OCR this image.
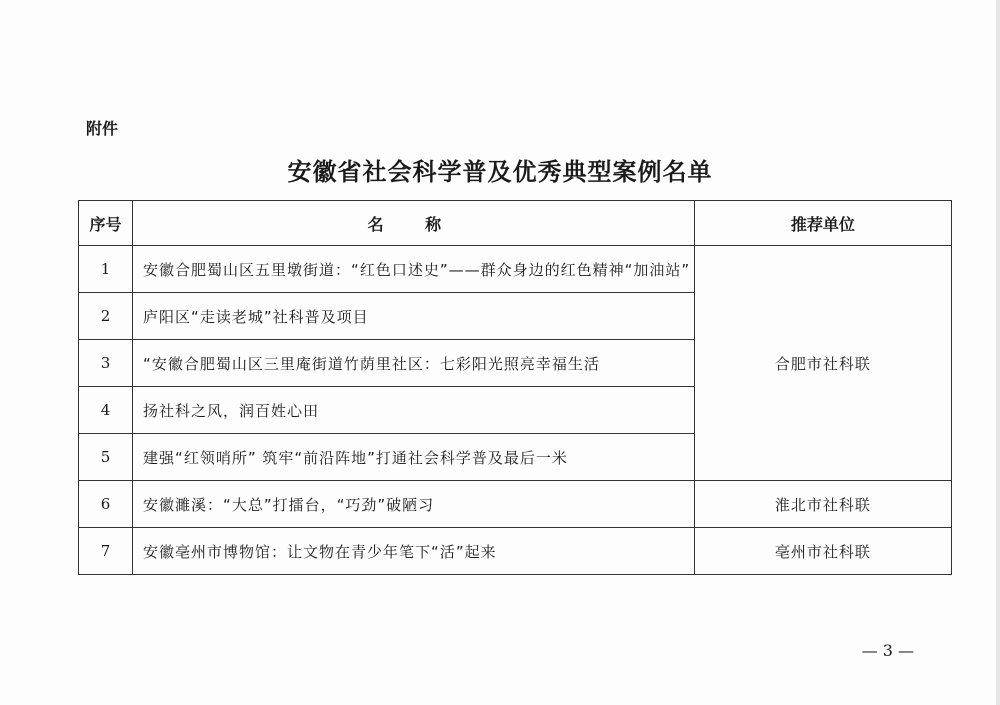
附件
安徽省社会科学普及优秀典型案例名单
序号	名 称	推荐单位
1	安徽合肥蜀山区五里墩街道：“红色口述史”——群众身边的红色精神“加油站”	合肥市社科联
2	庐阳区“走读老城”社科普及项目	
3	“安徽合肥蜀山区三里庵街道竹荫里社区：七彩阳光照亮幸福生活	
4	扬社科之风，润百姓心田	
5	建强“红领哨所” 筑牢“前沿阵地”打通社会科学普及最后一米	
6	安徽濉溪：“大总”打擂台，“巧劲”破陋习	淮北市社科联
7	安徽亳州市博物馆：让文物在青少年笔下“活”起来	亳州市社科联
— 3 —
